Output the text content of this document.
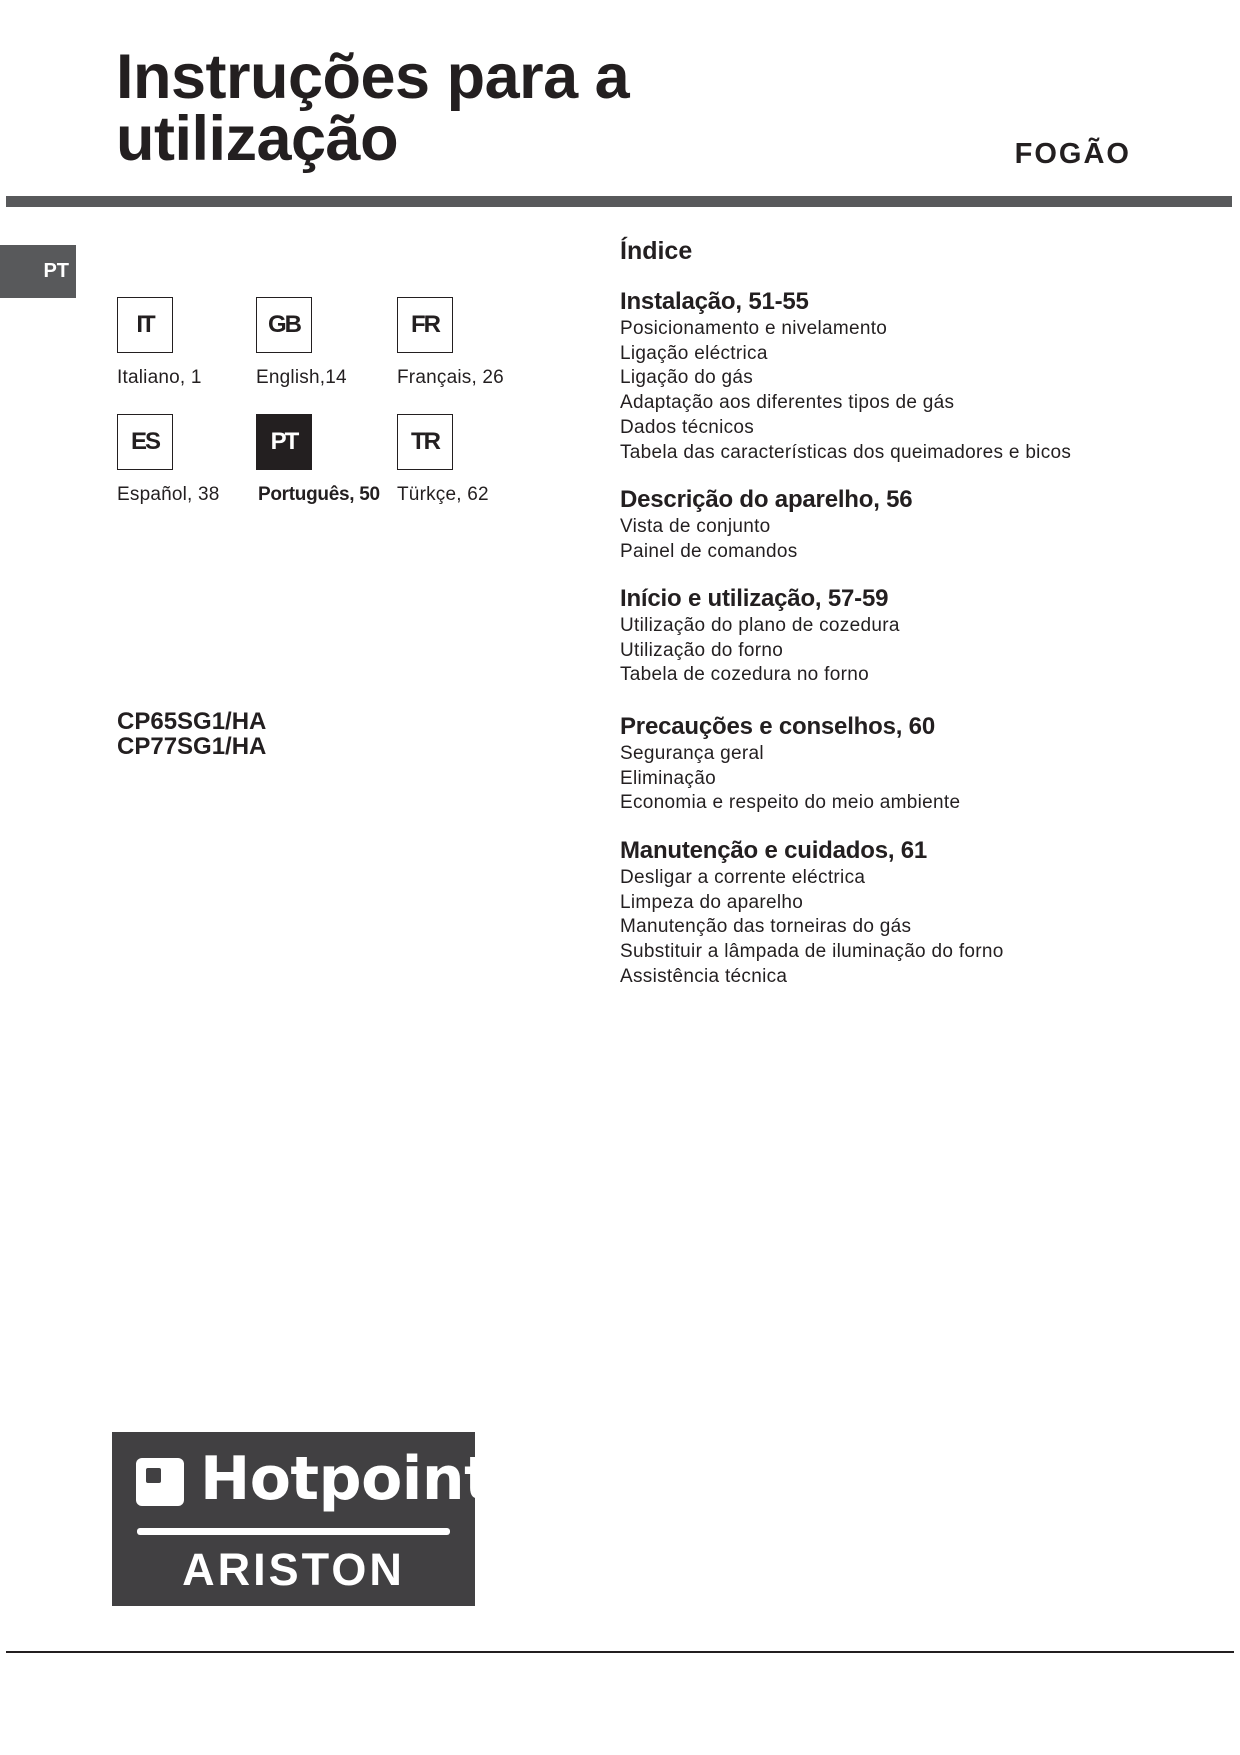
Instruções para a
utilização	FOGÃO
PT
IT
Italiano, 1
GB
English,14
FR
Français, 26
ES
Español, 38
PT
Português, 50
TR
Türkçe, 62
CP65SG1/HA
CP77SG1/HA
Índice
Instalação, 51-55
Posicionamento e nivelamento
Ligação eléctrica
Ligação do gás
Adaptação aos diferentes tipos de gás
Dados técnicos
Tabela das características dos queimadores e bicos
Descrição do aparelho, 56
Vista de conjunto
Painel de comandos
Início e utilização, 57-59
Utilização do plano de cozedura
Utilização do forno
Tabela de cozedura no forno
Precauções e conselhos, 60
Segurança geral
Eliminação
Economia e respeito do meio ambiente
Manutenção e cuidados, 61
Desligar a corrente eléctrica
Limpeza do aparelho
Manutenção das torneiras do gás
Substituir a lâmpada de iluminação do forno
Assistência técnica
Hotpoint
ARISTON
